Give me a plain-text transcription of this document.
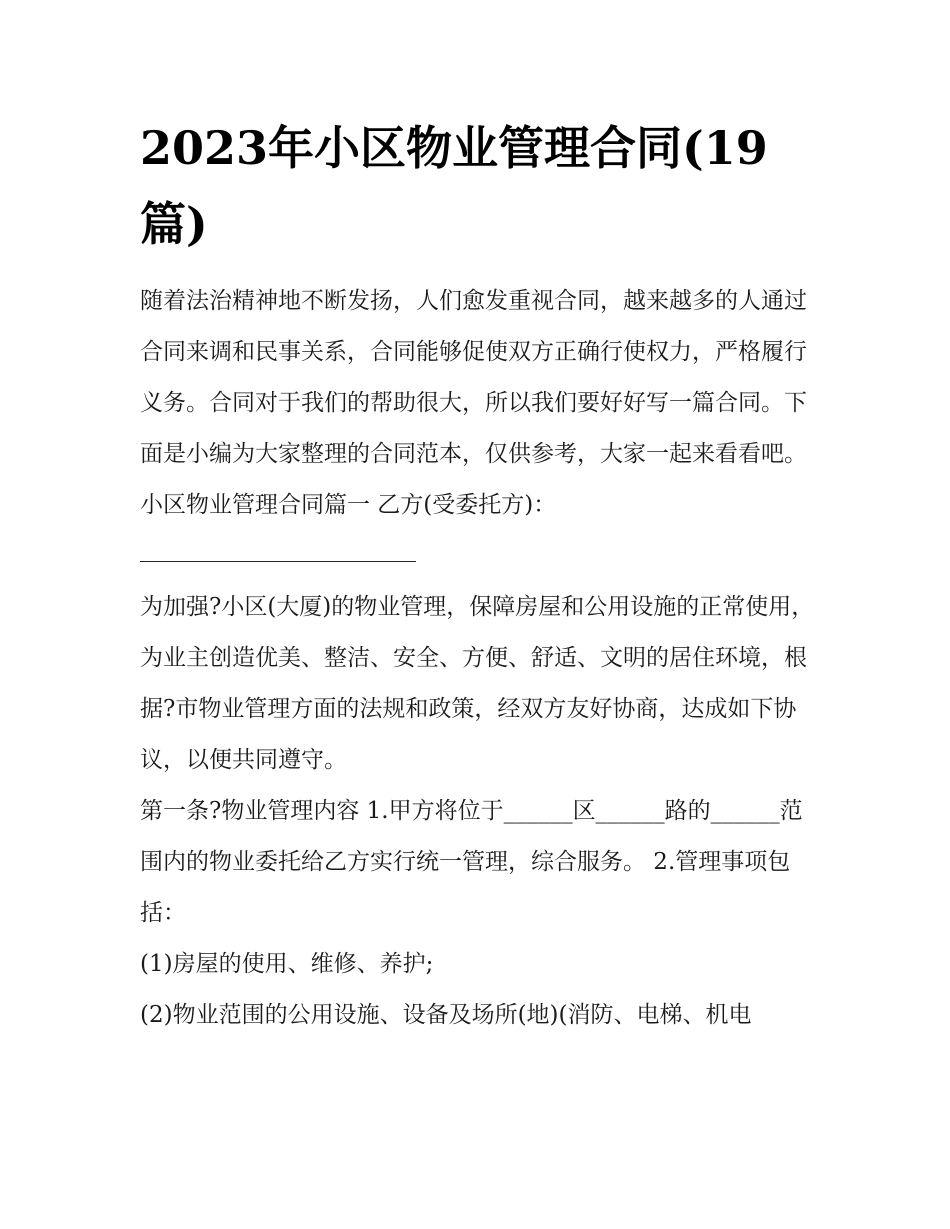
2023年小区物业管理合同(19篇)

随着法治精神地不断发扬，人们愈发重视合同，越来越多的人通过合同来调和民事关系，合同能够促使双方正确行使权力，严格履行义务。合同对于我们的帮助很大，所以我们要好好写一篇合同。下面是小编为大家整理的合同范本，仅供参考，大家一起来看看吧。

小区物业管理合同篇一 乙方(受委托方)：

为加强?小区(大厦)的物业管理，保障房屋和公用设施的正常使用，为业主创造优美、整洁、安全、方便、舒适、文明的居住环境，根据?市物业管理方面的法规和政策，经双方友好协商，达成如下协议，以便共同遵守。

第一条?物业管理内容 1.甲方将位于______区______路的______范围内的物业委托给乙方实行统一管理，综合服务。 2.管理事项包括：

(1)房屋的使用、维修、养护;

(2)物业范围的公用设施、设备及场所(地)(消防、电梯、机电
